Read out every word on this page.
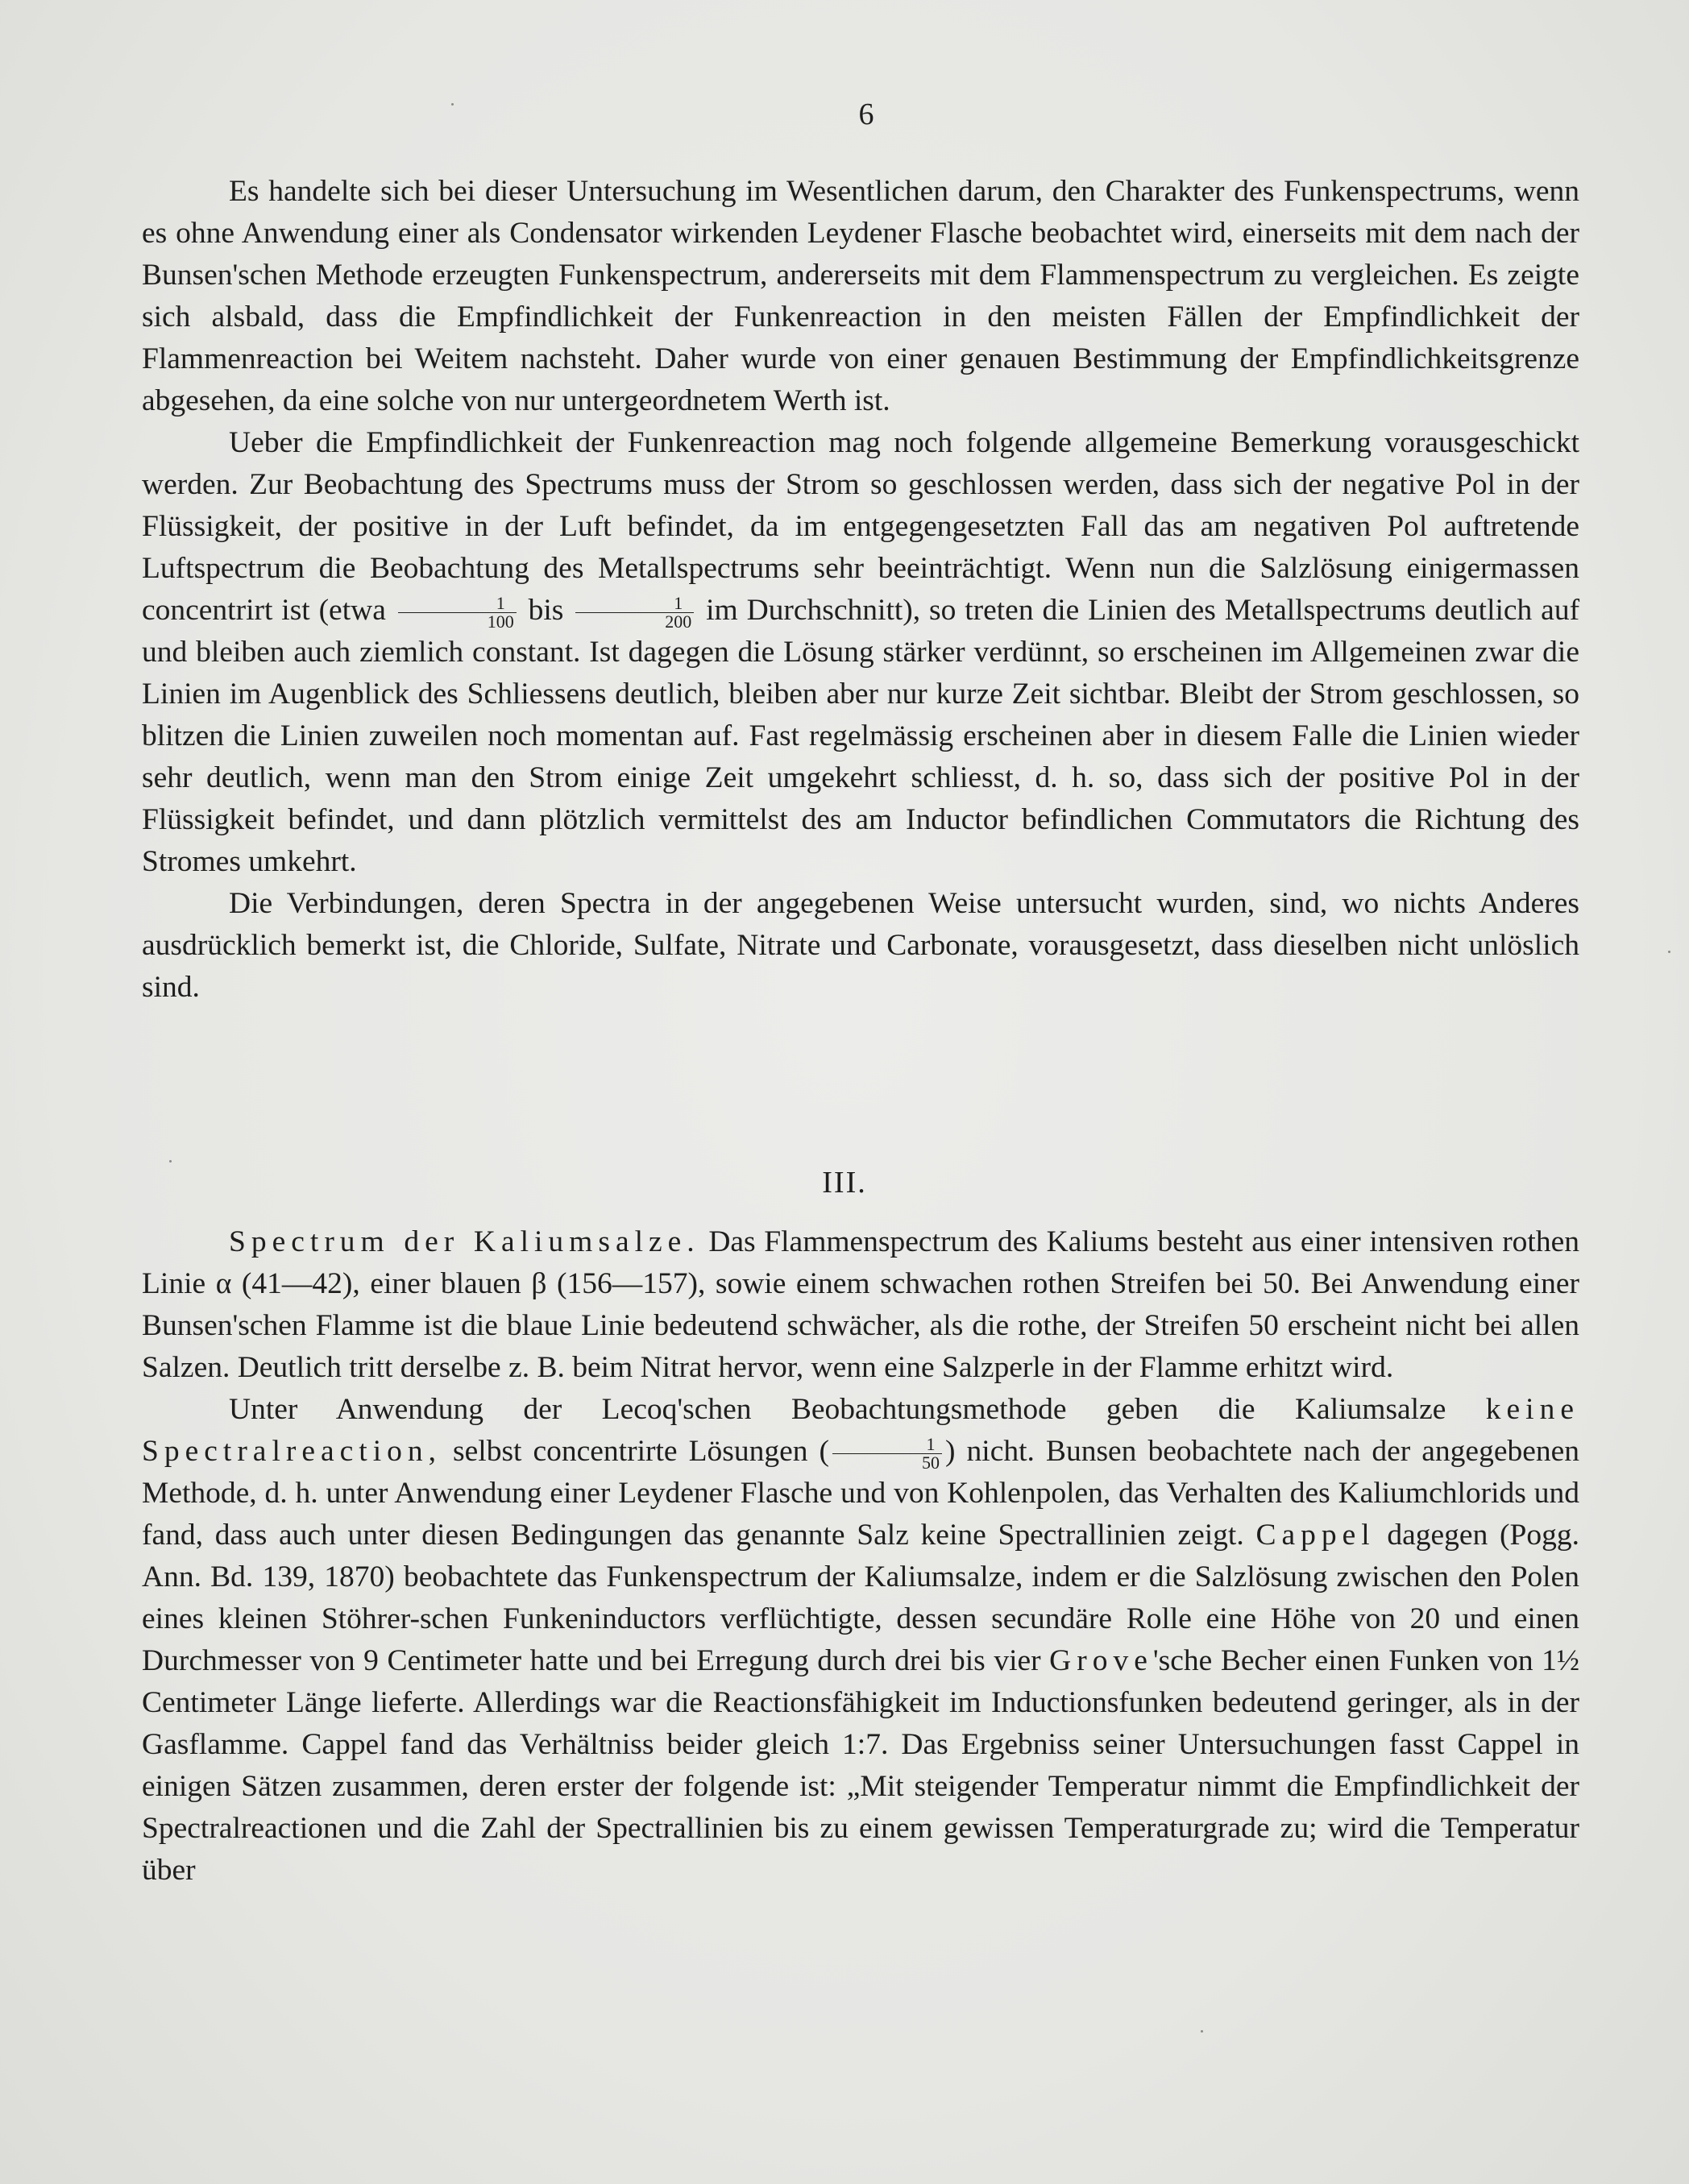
6

Es handelte sich bei dieser Untersuchung im Wesentlichen darum, den Charakter des Funkenspectrums, wenn es ohne Anwendung einer als Condensator wirkenden Leydener Flasche beobachtet wird, einerseits mit dem nach der Bunsen'schen Methode erzeugten Funkenspectrum, andererseits mit dem Flammenspectrum zu vergleichen. Es zeigte sich alsbald, dass die Empfindlichkeit der Funkenreaction in den meisten Fällen der Empfindlichkeit der Flammenreaction bei Weitem nachsteht. Daher wurde von einer genauen Bestimmung der Empfindlichkeitsgrenze abgesehen, da eine solche von nur untergeordnetem Werth ist.

Ueber die Empfindlichkeit der Funkenreaction mag noch folgende allgemeine Bemerkung vorausgeschickt werden. Zur Beobachtung des Spectrums muss der Strom so geschlossen werden, dass sich der negative Pol in der Flüssigkeit, der positive in der Luft befindet, da im entgegengesetzten Fall das am negativen Pol auftretende Luftspectrum die Beobachtung des Metallspectrums sehr beeinträchtigt. Wenn nun die Salzlösung einigermassen concentrirt ist (etwa $\frac{1}{100}$ bis $\frac{1}{200}$ im Durchschnitt), so treten die Linien des Metallspectrums deutlich auf und bleiben auch ziemlich constant. Ist dagegen die Lösung stärker verdünnt, so erscheinen im Allgemeinen zwar die Linien im Augenblick des Schliessens deutlich, bleiben aber nur kurze Zeit sichtbar. Bleibt der Strom geschlossen, so blitzen die Linien zuweilen noch momentan auf. Fast regelmässig erscheinen aber in diesem Falle die Linien wieder sehr deutlich, wenn man den Strom einige Zeit umgekehrt schliesst, d. h. so, dass sich der positive Pol in der Flüssigkeit befindet, und dann plötzlich vermittelst des am Inductor befindlichen Commutators die Richtung des Stromes umkehrt.

Die Verbindungen, deren Spectra in der angegebenen Weise untersucht wurden, sind, wo nichts Anderes ausdrücklich bemerkt ist, die Chloride, Sulfate, Nitrate und Carbonate, vorausgesetzt, dass dieselben nicht unlöslich sind.

III.

Spectrum der Kaliumsalze. Das Flammenspectrum des Kaliums besteht aus einer intensiven rothen Linie α (41—42), einer blauen β (156—157), sowie einem schwachen rothen Streifen bei 50. Bei Anwendung einer Bunsen'schen Flamme ist die blaue Linie bedeutend schwächer, als die rothe, der Streifen 50 erscheint nicht bei allen Salzen. Deutlich tritt derselbe z. B. beim Nitrat hervor, wenn eine Salzperle in der Flamme erhitzt wird.

Unter Anwendung der Lecoq'schen Beobachtungsmethode geben die Kaliumsalze keine Spectralreaction, selbst concentrirte Lösungen ( $\frac{1}{50}$ ) nicht. Bunsen beobachtete nach der angegebenen Methode, d. h. unter Anwendung einer Leydener Flasche und von Kohlenpolen, das Verhalten des Kaliumchlorids und fand, dass auch unter diesen Bedingungen das genannte Salz keine Spectrallinien zeigt. Cappel dagegen (Pogg. Ann. Bd. 139, 1870) beobachtete das Funkenspectrum der Kaliumsalze, indem er die Salzlösung zwischen den Polen eines kleinen Stöhrer-schen Funkeninductors verflüchtigte, dessen secundäre Rolle eine Höhe von 20 und einen Durchmesser von 9 Centimeter hatte und bei Erregung durch drei bis vier Grove'sche Becher einen Funken von 1½ Centimeter Länge lieferte. Allerdings war die Reactionsfähigkeit im Inductionsfunken bedeutend geringer, als in der Gasflamme. Cappel fand das Verhältniss beider gleich 1:7. Das Ergebniss seiner Untersuchungen fasst Cappel in einigen Sätzen zusammen, deren erster der folgende ist: „Mit steigender Temperatur nimmt die Empfindlichkeit der Spectralreactionen und die Zahl der Spectrallinien bis zu einem gewissen Temperaturgrade zu; wird die Temperatur über
